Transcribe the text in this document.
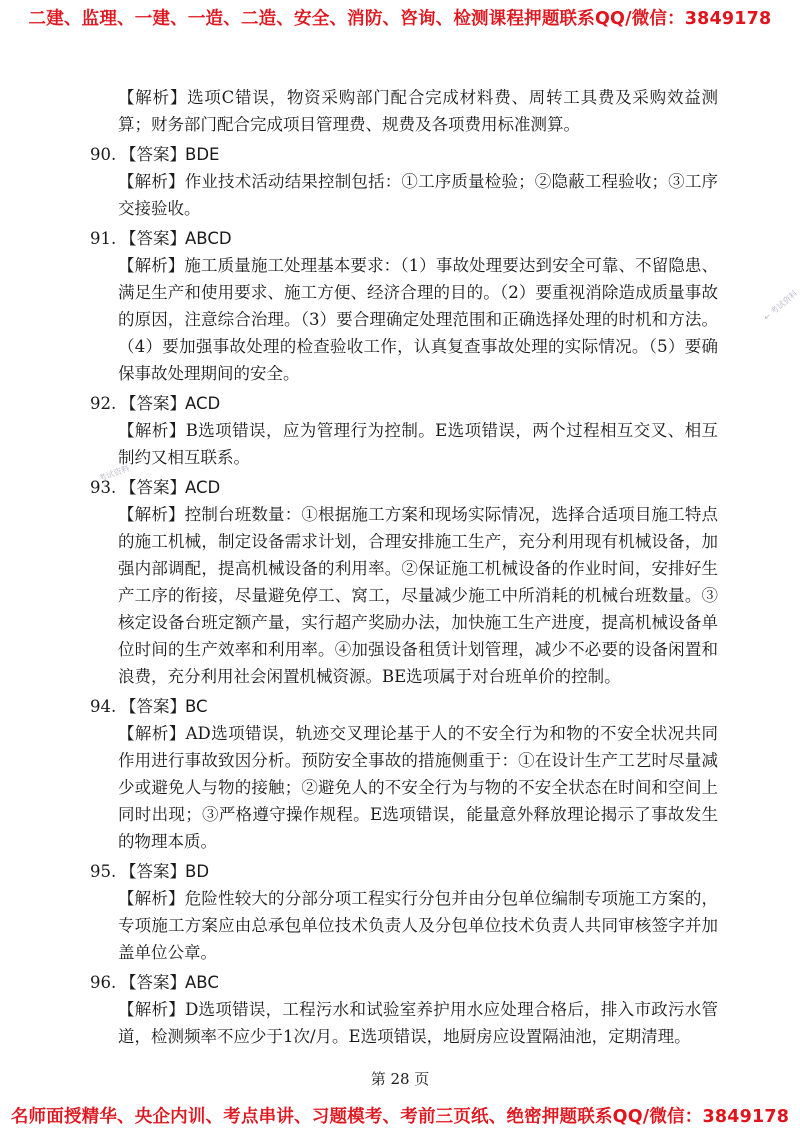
二建、监理、一建、一造、二造、安全、消防、咨询、检测课程押题联系QQ/微信：3849178
← 考试资料
考试资料
【解析】选项C错误，物资采购部门配合完成材料费、周转工具费及采购效益测算；财务部门配合完成项目管理费、规费及各项费用标准测算。
90. 【答案】 BDE
【解析】作业技术活动结果控制包括：①工序质量检验；②隐蔽工程验收；③工序交接验收。
91. 【答案】 ABCD
【解析】施工质量施工处理基本要求：（1）事故处理要达到安全可靠、不留隐患、满足生产和使用要求、施工方便、经济合理的目的。（2）要重视消除造成质量事故的原因，注意综合治理。（3）要合理确定处理范围和正确选择处理的时机和方法。（4）要加强事故处理的检查验收工作，认真复查事故处理的实际情况。（5）要确保事故处理期间的安全。
92. 【答案】 ACD
【解析】B选项错误，应为管理行为控制。E选项错误，两个过程相互交叉、相互制约又相互联系。
93. 【答案】 ACD
【解析】控制台班数量：①根据施工方案和现场实际情况，选择合适项目施工特点的施工机械，制定设备需求计划，合理安排施工生产，充分利用现有机械设备，加强内部调配，提高机械设备的利用率。②保证施工机械设备的作业时间，安排好生产工序的衔接，尽量避免停工、窝工，尽量减少施工中所消耗的机械台班数量。③核定设备台班定额产量，实行超产奖励办法，加快施工生产进度，提高机械设备单位时间的生产效率和利用率。④加强设备租赁计划管理，减少不必要的设备闲置和浪费，充分利用社会闲置机械资源。BE选项属于对台班单价的控制。
94. 【答案】 BC
【解析】AD选项错误，轨迹交叉理论基于人的不安全行为和物的不安全状况共同作用进行事故致因分析。预防安全事故的措施侧重于：①在设计生产工艺时尽量减少或避免人与物的接触；②避免人的不安全行为与物的不安全状态在时间和空间上同时出现；③严格遵守操作规程。E选项错误，能量意外释放理论揭示了事故发生的物理本质。
95. 【答案】 BD
【解析】危险性较大的分部分项工程实行分包并由分包单位编制专项施工方案的，专项施工方案应由总承包单位技术负责人及分包单位技术负责人共同审核签字并加盖单位公章。
96. 【答案】 ABC
【解析】D选项错误，工程污水和试验室养护用水应处理合格后，排入市政污水管道，检测频率不应少于1次/月。E选项错误，地厨房应设置隔油池，定期清理。
第 28 页
名师面授精华、央企内训、考点串讲、习题模考、考前三页纸、绝密押题联系QQ/微信：3849178
